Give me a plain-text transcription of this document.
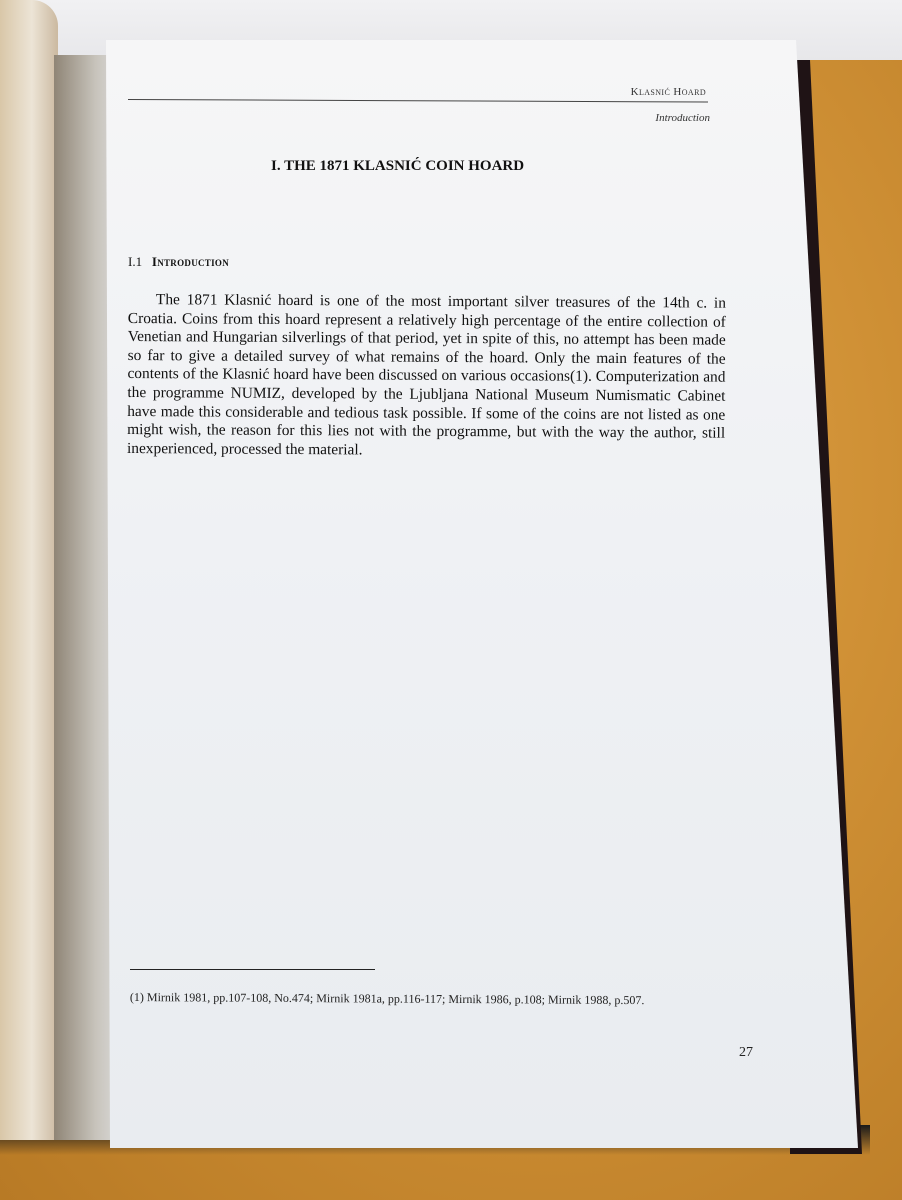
Klasnić Hoard
Introduction
I. THE 1871 KLASNIĆ COIN HOARD
I.1 Introduction

The 1871 Klasnić hoard is one of the most important silver treasures of the 14th c. in Croatia. Coins from this hoard represent a relatively high percentage of the entire collection of Venetian and Hungarian silverlings of that period, yet in spite of this, no attempt has been made so far to give a detailed survey of what remains of the hoard. Only the main features of the contents of the Klasnić hoard have been discussed on various occasions(1). Computerization and the programme NUMIZ, developed by the Ljubljana National Museum Numismatic Cabinet have made this considerable and tedious task possible. If some of the coins are not listed as one might wish, the reason for this lies not with the programme, but with the way the author, still inexperienced, processed the material.

(1) Mirnik 1981, pp.107-108, No.474; Mirnik 1981a, pp.116-117; Mirnik 1986, p.108; Mirnik 1988, p.507.
27
